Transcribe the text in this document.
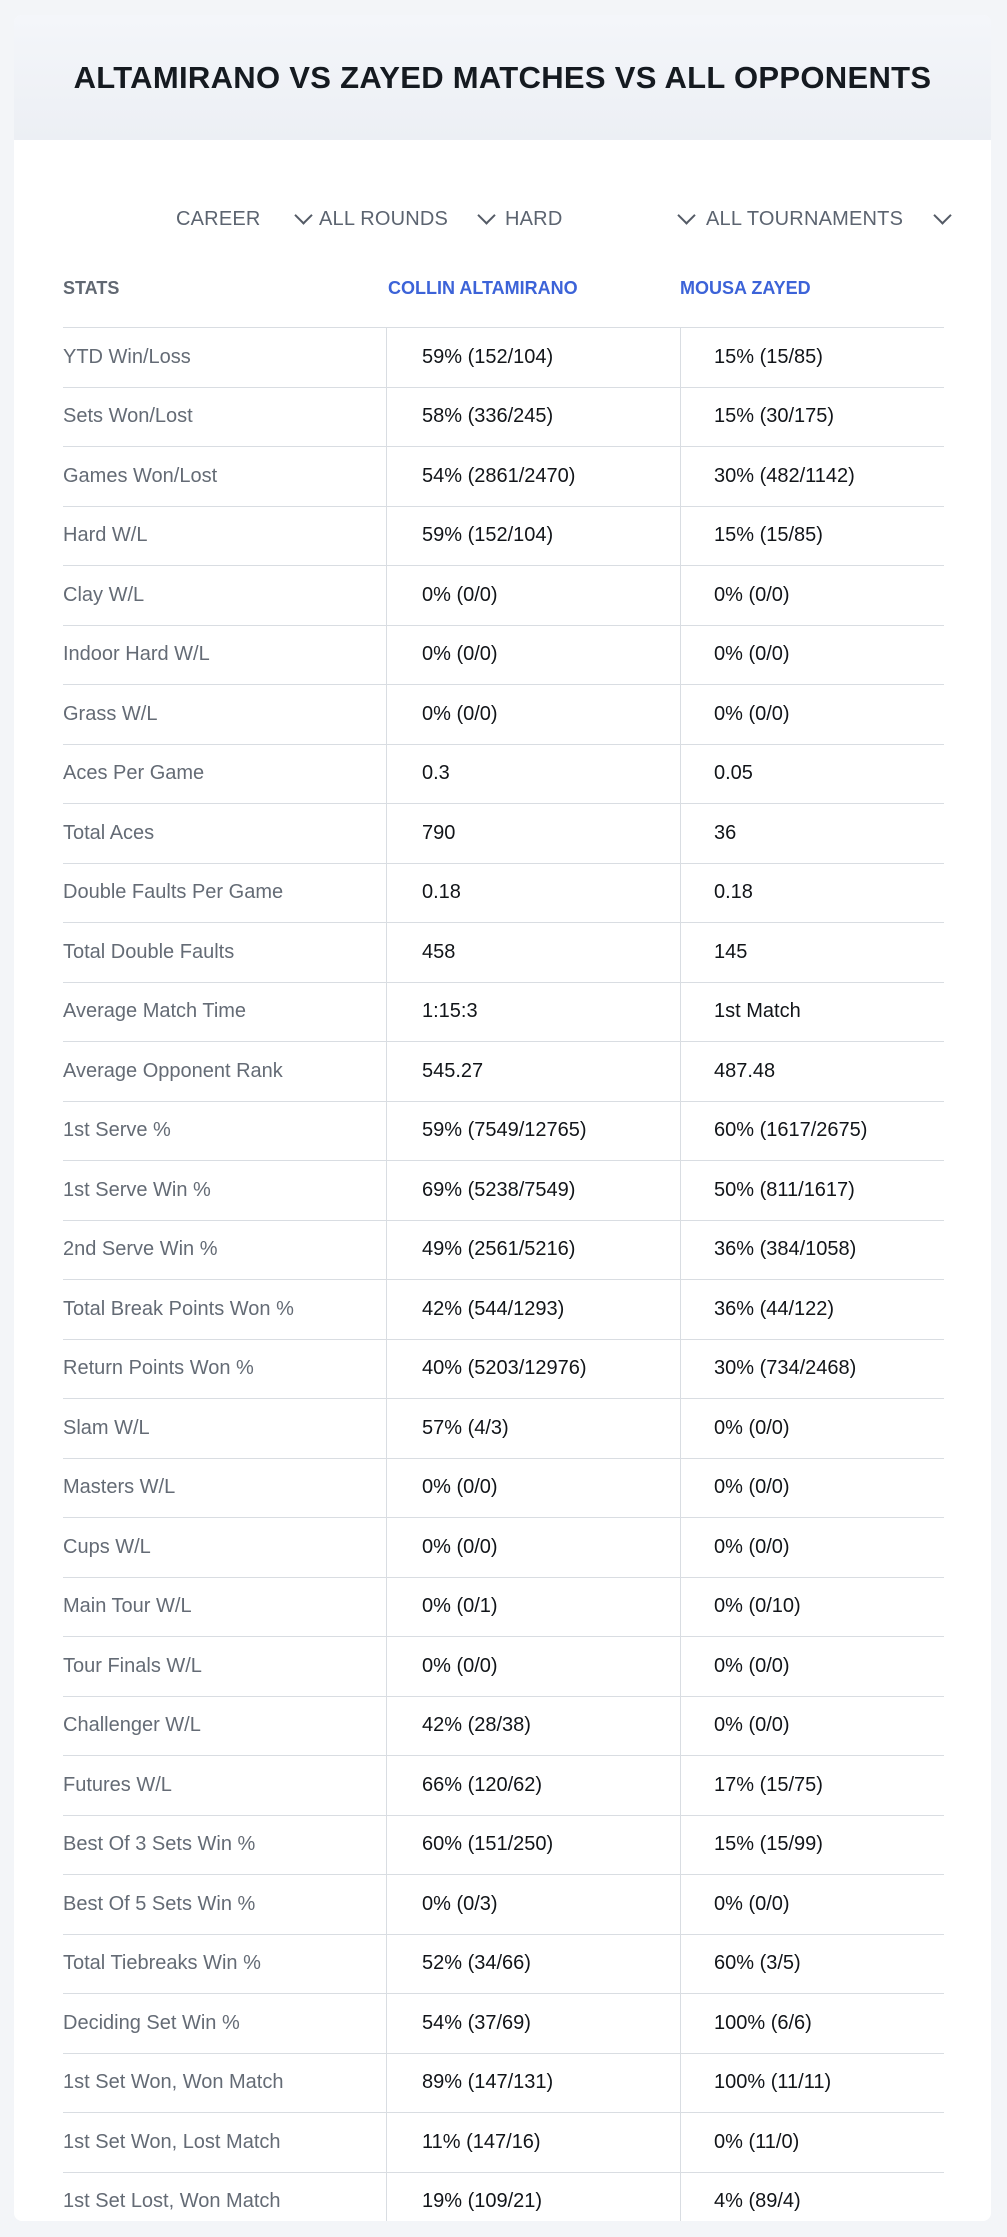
ALTAMIRANO VS ZAYED MATCHES VS ALL OPPONENTS
CAREER	ALL ROUNDS	HARD	ALL TOURNAMENTS
STATS	COLLIN ALTAMIRANO	MOUSA ZAYED
YTD Win/Loss	59% (152/104)	15% (15/85)
Sets Won/Lost	58% (336/245)	15% (30/175)
Games Won/Lost	54% (2861/2470)	30% (482/1142)
Hard W/L	59% (152/104)	15% (15/85)
Clay W/L	0% (0/0)	0% (0/0)
Indoor Hard W/L	0% (0/0)	0% (0/0)
Grass W/L	0% (0/0)	0% (0/0)
Aces Per Game	0.3	0.05
Total Aces	790	36
Double Faults Per Game	0.18	0.18
Total Double Faults	458	145
Average Match Time	1:15:3	1st Match
Average Opponent Rank	545.27	487.48
1st Serve %	59% (7549/12765)	60% (1617/2675)
1st Serve Win %	69% (5238/7549)	50% (811/1617)
2nd Serve Win %	49% (2561/5216)	36% (384/1058)
Total Break Points Won %	42% (544/1293)	36% (44/122)
Return Points Won %	40% (5203/12976)	30% (734/2468)
Slam W/L	57% (4/3)	0% (0/0)
Masters W/L	0% (0/0)	0% (0/0)
Cups W/L	0% (0/0)	0% (0/0)
Main Tour W/L	0% (0/1)	0% (0/10)
Tour Finals W/L	0% (0/0)	0% (0/0)
Challenger W/L	42% (28/38)	0% (0/0)
Futures W/L	66% (120/62)	17% (15/75)
Best Of 3 Sets Win %	60% (151/250)	15% (15/99)
Best Of 5 Sets Win %	0% (0/3)	0% (0/0)
Total Tiebreaks Win %	52% (34/66)	60% (3/5)
Deciding Set Win %	54% (37/69)	100% (6/6)
1st Set Won, Won Match	89% (147/131)	100% (11/11)
1st Set Won, Lost Match	11% (147/16)	0% (11/0)
1st Set Lost, Won Match	19% (109/21)	4% (89/4)
